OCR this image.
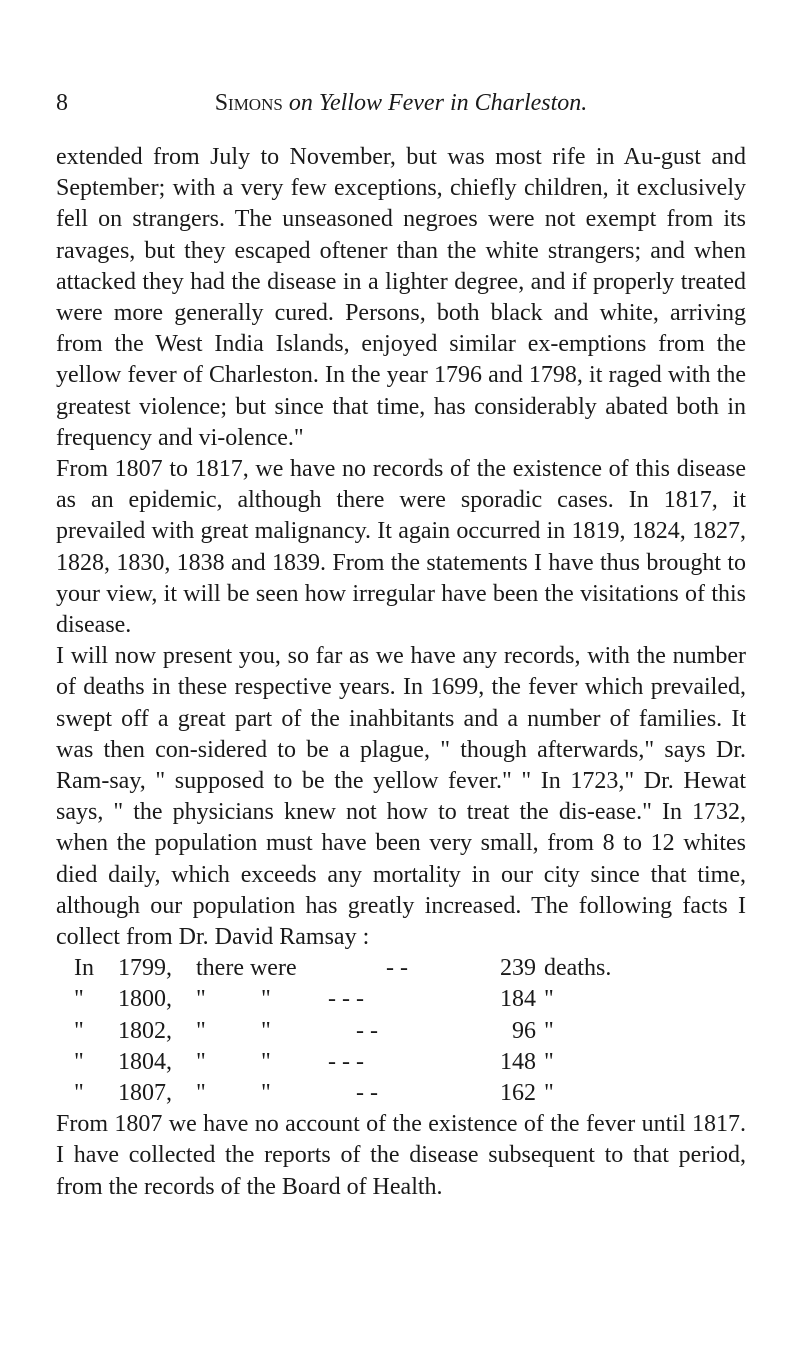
8	Simons on Yellow Fever in Charleston.

extended from July to November, but was most rife in Au-gust and September; with a very few exceptions, chiefly children, it exclusively fell on strangers. The unseasoned negroes were not exempt from its ravages, but they escaped oftener than the white strangers; and when attacked they had the disease in a lighter degree, and if properly treated were more generally cured. Persons, both black and white, arriving from the West India Islands, enjoyed similar ex-emptions from the yellow fever of Charleston. In the year 1796 and 1798, it raged with the greatest violence; but since that time, has considerably abated both in frequency and vi-olence."

From 1807 to 1817, we have no records of the existence of this disease as an epidemic, although there were sporadic cases. In 1817, it prevailed with great malignancy. It again occurred in 1819, 1824, 1827, 1828, 1830, 1838 and 1839. From the statements I have thus brought to your view, it will be seen how irregular have been the visitations of this disease.

I will now present you, so far as we have any records, with the number of deaths in these respective years. In 1699, the fever which prevailed, swept off a great part of the inahbitants and a number of families. It was then con-sidered to be a plague, " though afterwards," says Dr. Ram-say, " supposed to be the yellow fever." " In 1723," Dr. Hewat says, " the physicians knew not how to treat the dis-ease." In 1732, when the population must have been very small, from 8 to 12 whites died daily, which exceeds any mortality in our city since that time, although our population has greatly increased. The following facts I collect from Dr. David Ramsay :

In 1799, there were	- -	239 deaths.
" 1800, " " - - -	184 "
" 1802, " "	- -	96 "
" 1804, " " - - -	148 "
" 1807, " "	- -	162 "

From 1807 we have no account of the existence of the fever until 1817. I have collected the reports of the disease subsequent to that period, from the records of the Board of Health.
